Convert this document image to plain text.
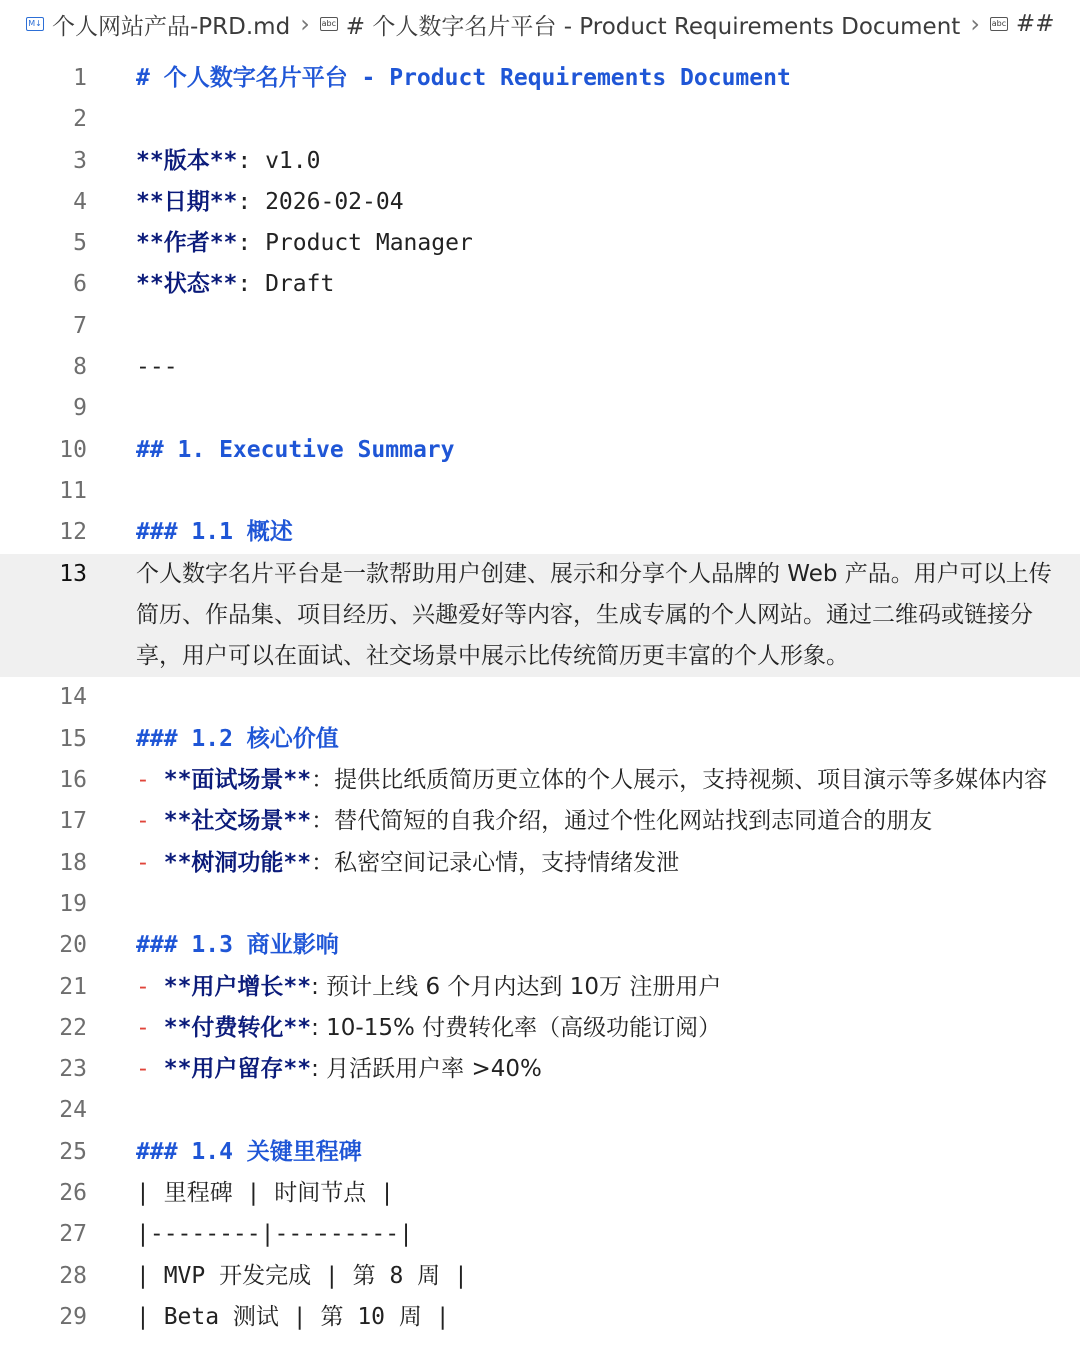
M↓ 个人网站产品-PRD.md › abc # 个人数字名片平台 - Product Requirements Document › abc ##
1 # 个人数字名片平台 - Product Requirements Document
2
3 **版本**: v1.0
4 **日期**: 2026-02-04
5 **作者**: Product Manager
6 **状态**: Draft
7
8 ---
9
10 ## 1. Executive Summary
11
12 ### 1.1 概述
13 个人数字名片平台是一款帮助用户创建、展示和分享个人品牌的 Web 产品。用户可以上传简历、作品集、项目经历、兴趣爱好等内容，生成专属的个人网站。通过二维码或链接分享，用户可以在面试、社交场景中展示比传统简历更丰富的个人形象。
14
15 ### 1.2 核心价值
16 - **面试场景**：提供比纸质简历更立体的个人展示，支持视频、项目演示等多媒体内容
17 - **社交场景**：替代简短的自我介绍，通过个性化网站找到志同道合的朋友
18 - **树洞功能**：私密空间记录心情，支持情绪发泄
19
20 ### 1.3 商业影响
21 - **用户增长**: 预计上线 6 个月内达到 10万 注册用户
22 - **付费转化**: 10-15% 付费转化率（高级功能订阅）
23 - **用户留存**: 月活跃用户率 >40%
24
25 ### 1.4 关键里程碑
26 | 里程碑 | 时间节点 |
27 |--------|---------|
28 | MVP 开发完成 | 第 8 周 |
29 | Beta 测试 | 第 10 周 |
